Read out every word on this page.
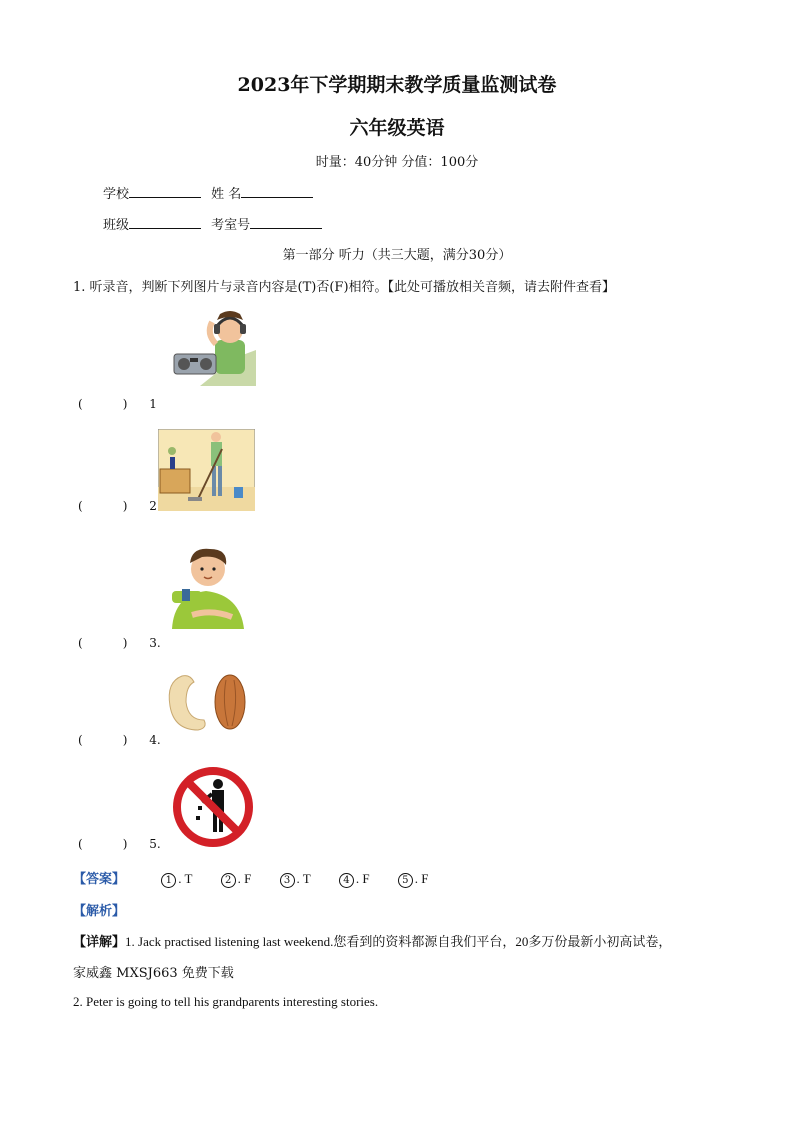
2023年下学期期末教学质量监测试卷
六年级英语
时量：40分钟 分值：100分
学校	姓 名
班级	考室号
第一部分 听力（共三大题，满分30分）
1. 听录音，判断下列图片与录音内容是(T)否(F)相符。【此处可播放相关音频，请去附件查看】
(	) 1
(	) 2
(	) 3.
(	) 4.
(	) 5.
【答案】	1 . T	2 . F	3 . T	4 . F	5 . F
【解析】
【详解】1. Jack practised listening last weekend.您看到的资料都源自我们平台，20多万份最新小初高试卷，
家威鑫 MXSJ663 免费下载
2. Peter is going to tell his grandparents interesting stories.
